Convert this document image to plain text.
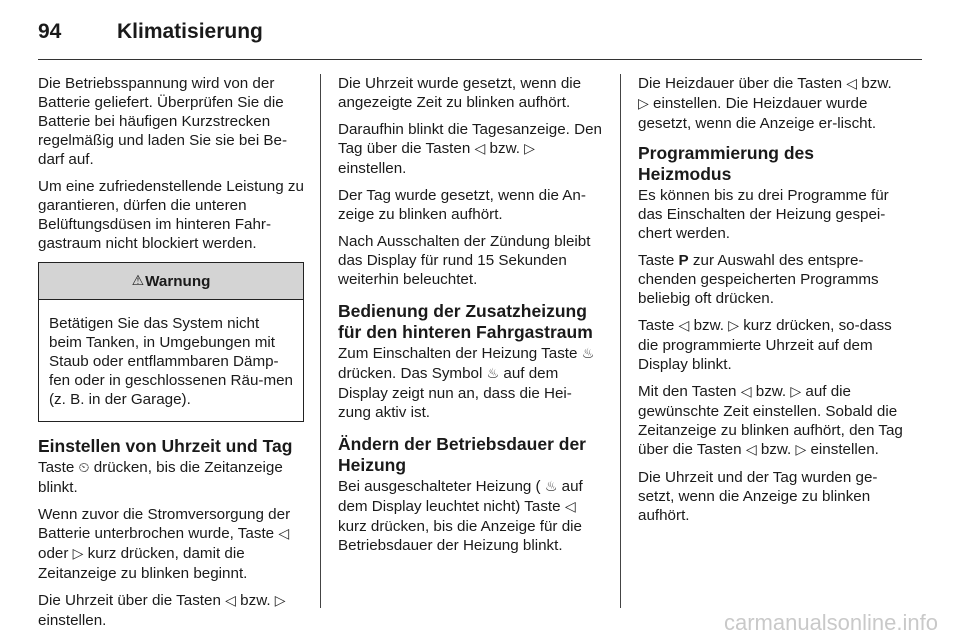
94	Klimatisierung

Die Betriebsspannung wird von der Batterie geliefert. Überprüfen Sie die Batterie bei häufigen Kurzstrecken regelmäßig und laden Sie sie bei Be-darf auf.

Um eine zufriedenstellende Leistung zu garantieren, dürfen die unteren Belüftungsdüsen im hinteren Fahr-gastraum nicht blockiert werden.

⚠ Warnung
Betätigen Sie das System nicht beim Tanken, in Umgebungen mit Staub oder entflammbaren Dämp-fen oder in geschlossenen Räu-men (z. B. in der Garage).
Einstellen von Uhrzeit und Tag

Taste ⏲ drücken, bis die Zeitanzeige blinkt.

Wenn zuvor die Stromversorgung der Batterie unterbrochen wurde, Taste ◁ oder ▷ kurz drücken, damit die Zeitanzeige zu blinken beginnt.

Die Uhrzeit über die Tasten ◁ bzw. ▷ einstellen.

Die Uhrzeit wurde gesetzt, wenn die angezeigte Zeit zu blinken aufhört.

Daraufhin blinkt die Tagesanzeige. Den Tag über die Tasten ◁ bzw. ▷ einstellen.

Der Tag wurde gesetzt, wenn die An-zeige zu blinken aufhört.

Nach Ausschalten der Zündung bleibt das Display für rund 15 Sekunden weiterhin beleuchtet.

Bedienung der Zusatzheizung für den hinteren Fahrgastraum

Zum Einschalten der Heizung Taste ♨ drücken. Das Symbol ♨ auf dem Display zeigt nun an, dass die Hei-zung aktiv ist.

Ändern der Betriebsdauer der Heizung

Bei ausgeschalteter Heizung ( ♨ auf dem Display leuchtet nicht) Taste ◁ kurz drücken, bis die Anzeige für die Betriebsdauer der Heizung blinkt.

Die Heizdauer über die Tasten ◁ bzw. ▷ einstellen. Die Heizdauer wurde gesetzt, wenn die Anzeige er-lischt.

Programmierung des Heizmodus

Es können bis zu drei Programme für das Einschalten der Heizung gespei-chert werden.

Taste P zur Auswahl des entspre-chenden gespeicherten Programms beliebig oft drücken.

Taste ◁ bzw. ▷ kurz drücken, so-dass die programmierte Uhrzeit auf dem Display blinkt.

Mit den Tasten ◁ bzw. ▷ auf die gewünschte Zeit einstellen. Sobald die Zeitanzeige zu blinken aufhört, den Tag über die Tasten ◁ bzw. ▷ einstellen.

Die Uhrzeit und der Tag wurden ge-setzt, wenn die Anzeige zu blinken aufhört.

carmanualsonline.info
